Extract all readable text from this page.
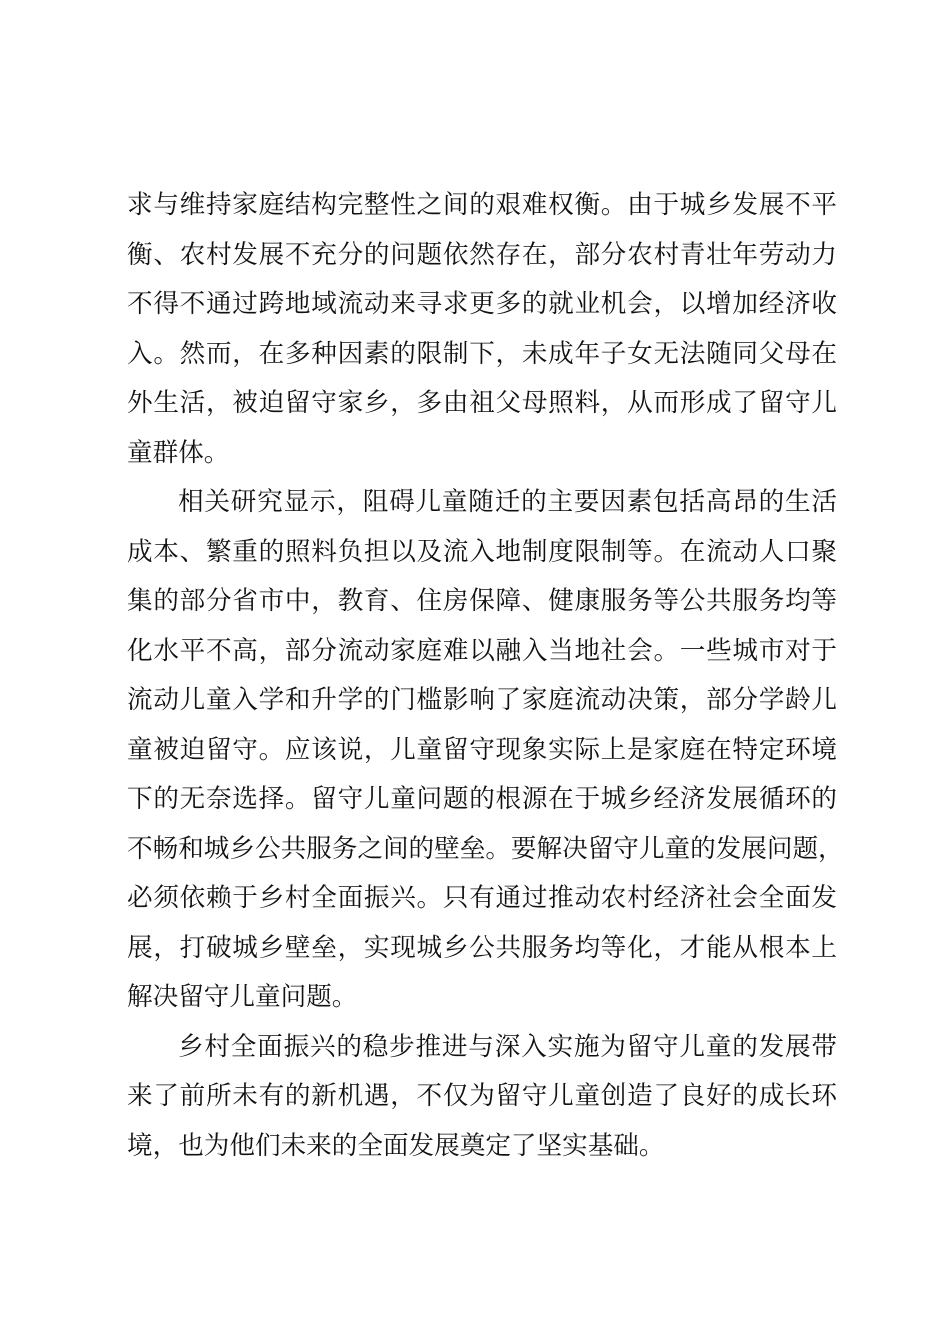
求与维持家庭结构完整性之间的艰难权衡。由于城乡发展不平
衡、农村发展不充分的问题依然存在，部分农村青壮年劳动力
不得不通过跨地域流动来寻求更多的就业机会，以增加经济收
入。然而，在多种因素的限制下，未成年子女无法随同父母在
外生活，被迫留守家乡，多由祖父母照料，从而形成了留守儿
童群体。
相关研究显示，阻碍儿童随迁的主要因素包括高昂的生活
成本、繁重的照料负担以及流入地制度限制等。在流动人口聚
集的部分省市中，教育、住房保障、健康服务等公共服务均等
化水平不高，部分流动家庭难以融入当地社会。一些城市对于
流动儿童入学和升学的门槛影响了家庭流动决策，部分学龄儿
童被迫留守。应该说，儿童留守现象实际上是家庭在特定环境
下的无奈选择。留守儿童问题的根源在于城乡经济发展循环的
不畅和城乡公共服务之间的壁垒。要解决留守儿童的发展问题，
必须依赖于乡村全面振兴。只有通过推动农村经济社会全面发
展，打破城乡壁垒，实现城乡公共服务均等化，才能从根本上
解决留守儿童问题。
乡村全面振兴的稳步推进与深入实施为留守儿童的发展带
来了前所未有的新机遇，不仅为留守儿童创造了良好的成长环
境，也为他们未来的全面发展奠定了坚实基础。
